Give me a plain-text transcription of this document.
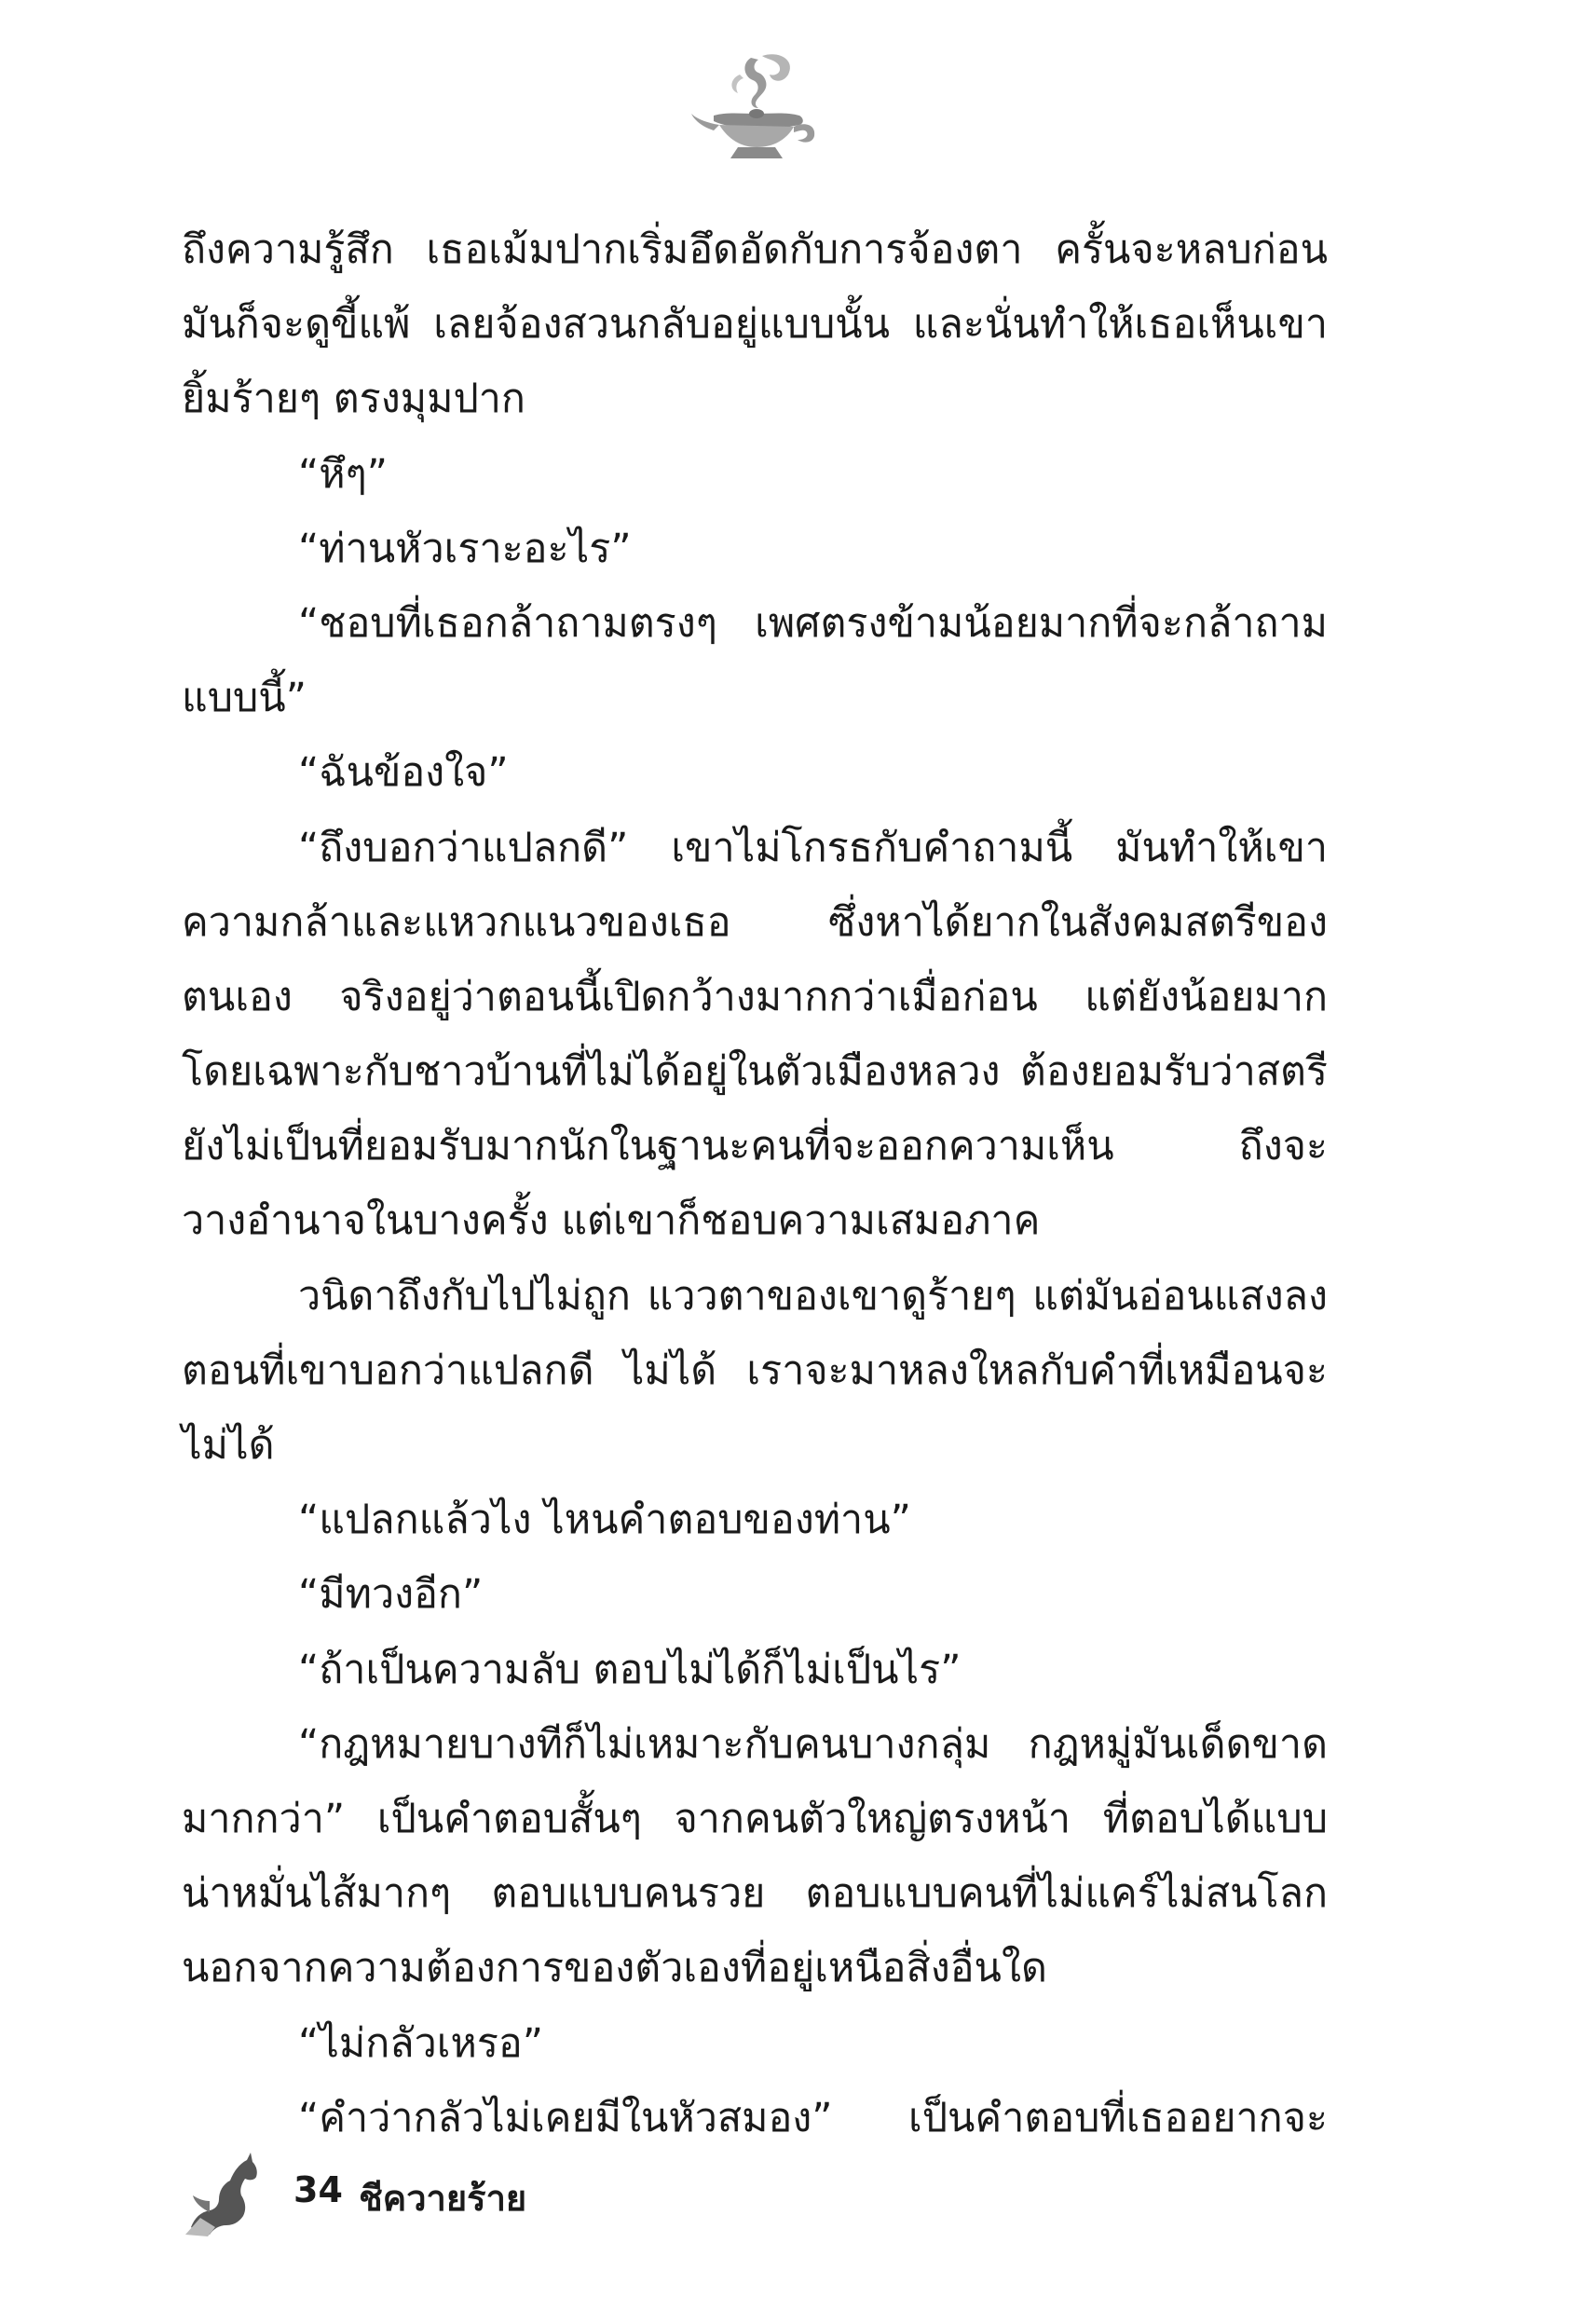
ถึงความรู้สึก เธอเม้มปากเริ่มอึดอัดกับการจ้องตา ครั้นจะหลบก่อน
มันก็จะดูขี้แพ้ เลยจ้องสวนกลับอยู่แบบนั้น และนั่นทำให้เธอเห็นเขา
ยิ้มร้ายๆ ตรงมุมปาก
“หึๆ”
“ท่านหัวเราะอะไร”
“ชอบที่เธอกล้าถามตรงๆ เพศตรงข้ามน้อยมากที่จะกล้าถาม
แบบนี้”
“ฉันข้องใจ”
“ถึงบอกว่าแปลกดี” เขาไม่โกรธกับคำถามนี้ มันทำให้เขา
ความกล้าและแหวกแนวของเธอ ซึ่งหาได้ยากในสังคมสตรีของ
ตนเอง จริงอยู่ว่าตอนนี้เปิดกว้างมากกว่าเมื่อก่อน แต่ยังน้อยมาก
โดยเฉพาะกับชาวบ้านที่ไม่ได้อยู่ในตัวเมืองหลวง ต้องยอมรับว่าสตรี
ยังไม่เป็นที่ยอมรับมากนักในฐานะคนที่จะออกความเห็น ถึงจะ
วางอำนาจในบางครั้ง แต่เขาก็ชอบความเสมอภาค
วนิดาถึงกับไปไม่ถูก แววตาของเขาดูร้ายๆ แต่มันอ่อนแสงลง
ตอนที่เขาบอกว่าแปลกดี ไม่ได้ เราจะมาหลงใหลกับคำที่เหมือนจะ
ไม่ได้
“แปลกแล้วไง ไหนคำตอบของท่าน”
“มีทวงอีก”
“ถ้าเป็นความลับ ตอบไม่ได้ก็ไม่เป็นไร”
“กฎหมายบางทีก็ไม่เหมาะกับคนบางกลุ่ม กฎหมู่มันเด็ดขาด
มากกว่า” เป็นคำตอบสั้นๆ จากคนตัวใหญ่ตรงหน้า ที่ตอบได้แบบ
น่าหมั่นไส้มากๆ ตอบแบบคนรวย ตอบแบบคนที่ไม่แคร์ไม่สนโลก
นอกจากความต้องการของตัวเองที่อยู่เหนือสิ่งอื่นใด
“ไม่กลัวเหรอ”
“คำว่ากลัวไม่เคยมีในหัวสมอง” เป็นคำตอบที่เธออยากจะ
34 ชีควายร้าย
